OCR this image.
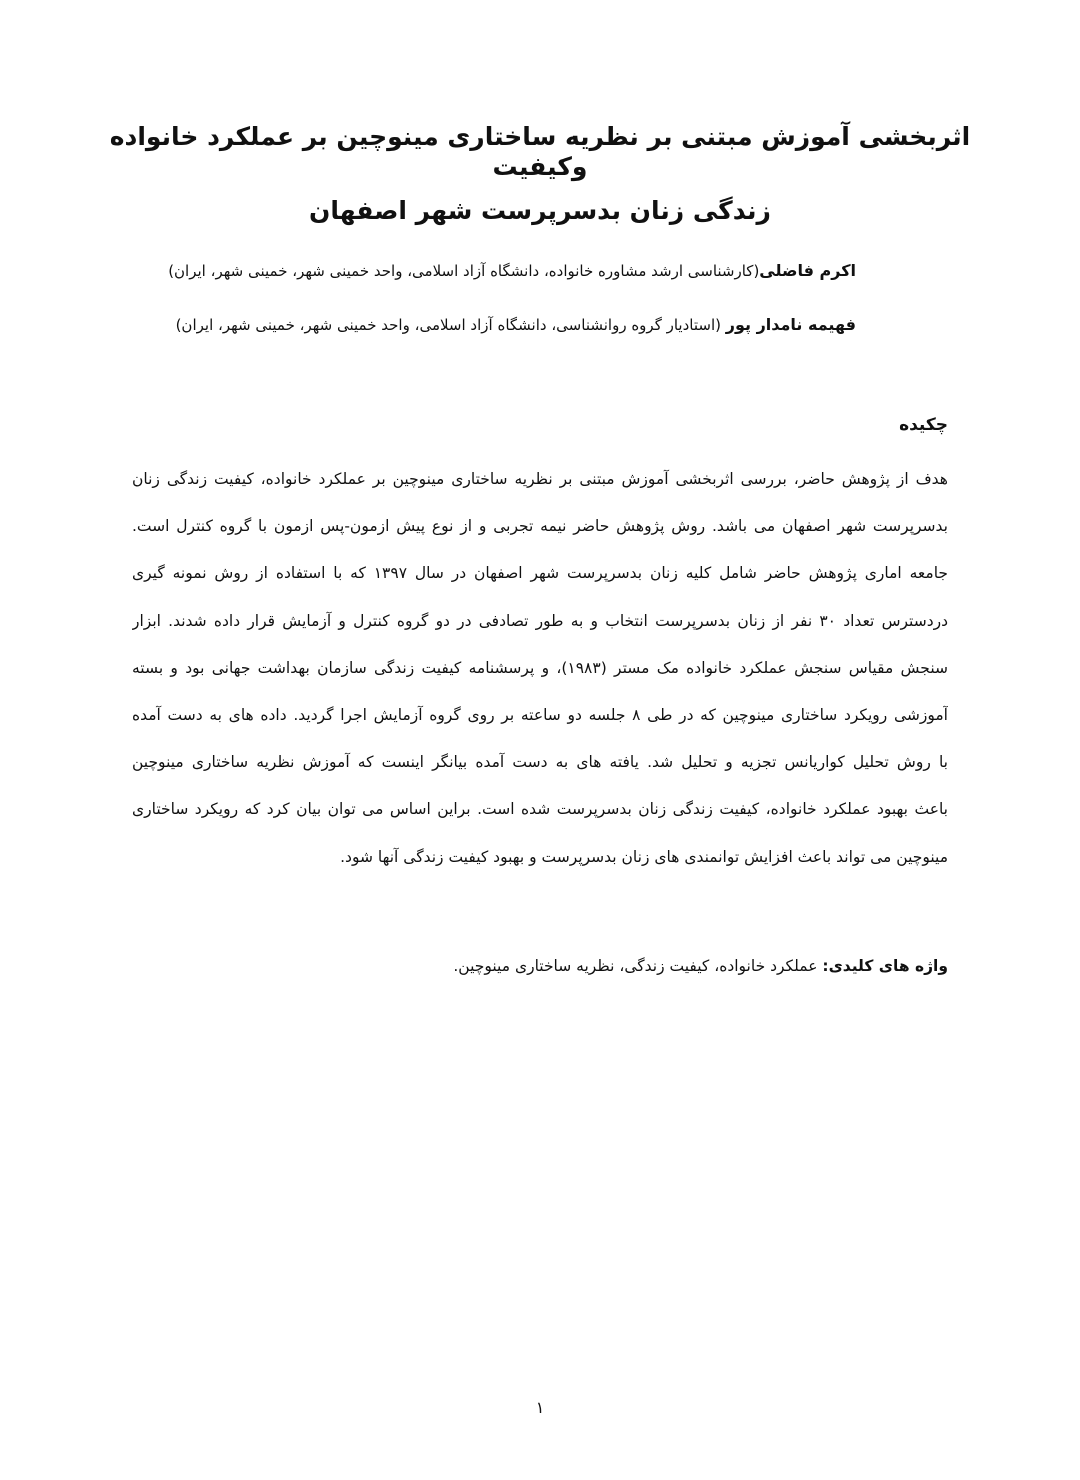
اثربخشی آموزش مبتنی بر نظریه ساختاری مینوچین بر عملکرد خانواده وکیفیت
زندگی زنان بدسرپرست شهر اصفهان
اکرم فاضلی(کارشناسی ارشد مشاوره خانواده، دانشگاه آزاد اسلامی، واحد خمینی شهر، خمینی شهر، ایران)
فهیمه نامدار پور (استادیار گروه روانشناسی، دانشگاه آزاد اسلامی، واحد خمینی شهر، خمینی شهر، ایران)
چکیده
هدف از پژوهش حاضر، بررسی اثربخشی آموزش مبتنی بر نظریه ساختاری مینوچین بر عملکرد خانواده، کیفیت زندگی زنان
بدسرپرست شهر اصفهان می باشد. روش پژوهش حاضر نیمه تجربی و از نوع پیش ازمون-پس ازمون با گروه کنترل است.
جامعه اماری پژوهش حاضر شامل کلیه زنان بدسرپرست شهر اصفهان در سال ۱۳۹۷ که با استفاده از روش نمونه گیری
دردسترس تعداد ۳۰ نفر از زنان بدسرپرست انتخاب و به طور تصادفی در دو گروه کنترل و آزمایش قرار داده شدند. ابزار
سنجش مقیاس سنجش عملکرد خانواده مک مستر (۱۹۸۳)، و پرسشنامه کیفیت زندگی سازمان بهداشت جهانی بود و بسته
آموزشی رویکرد ساختاری مینوچین که در طی ۸ جلسه دو ساعته بر روی گروه آزمایش اجرا گردید. داده های به دست آمده
با روش تحلیل کواریانس تجزیه و تحلیل شد. یافته های به دست آمده بیانگر اینست که آموزش نظریه ساختاری مینوچین
باعث بهبود عملکرد خانواده، کیفیت زندگی زنان بدسرپرست شده است. براین اساس می توان بیان کرد که رویکرد ساختاری
مینوچین می تواند باعث افزایش توانمندی های زنان بدسرپرست و بهبود کیفیت زندگی آنها شود.
واژه های کلیدی: عملکرد خانواده، کیفیت زندگی، نظریه ساختاری مینوچین.
۱
